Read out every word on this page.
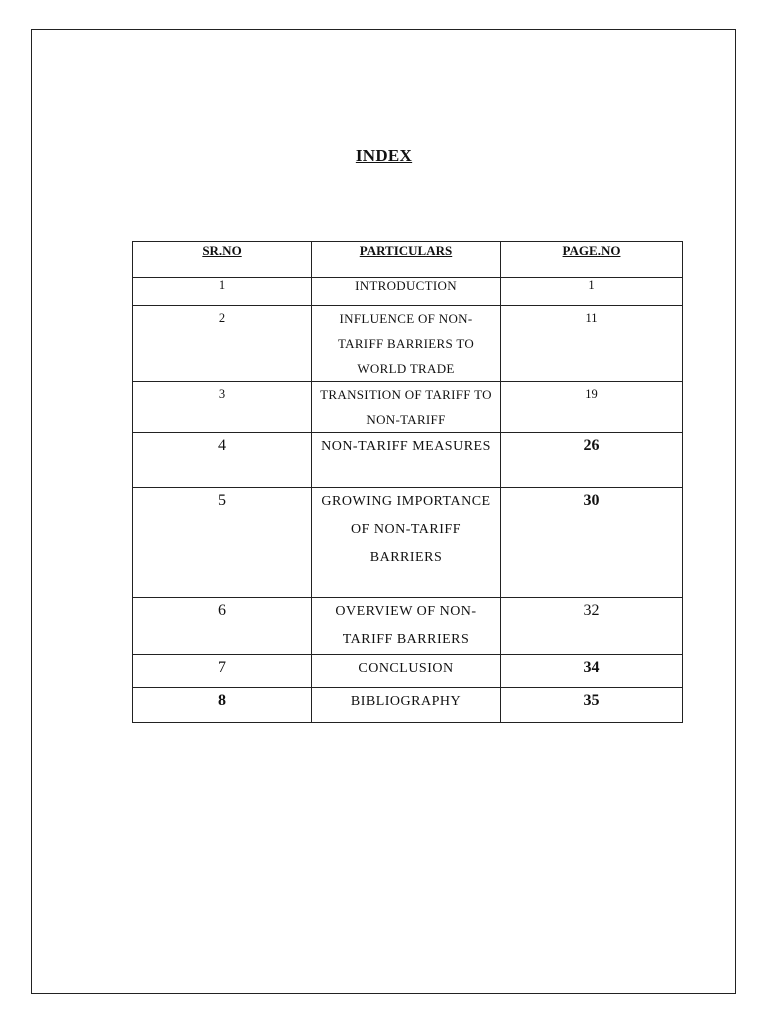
INDEX
SR.NO	PARTICULARS	PAGE.NO
1	INTRODUCTION	1
2	INFLUENCE OF NON-TARIFF BARRIERS TO WORLD TRADE	11
3	TRANSITION OF TARIFF TO NON-TARIFF	19
4	NON-TARIFF MEASURES	26
5	GROWING IMPORTANCE OF NON-TARIFF BARRIERS	30
6	OVERVIEW OF NON-TARIFF BARRIERS	32
7	CONCLUSION	34
8	BIBLIOGRAPHY	35
